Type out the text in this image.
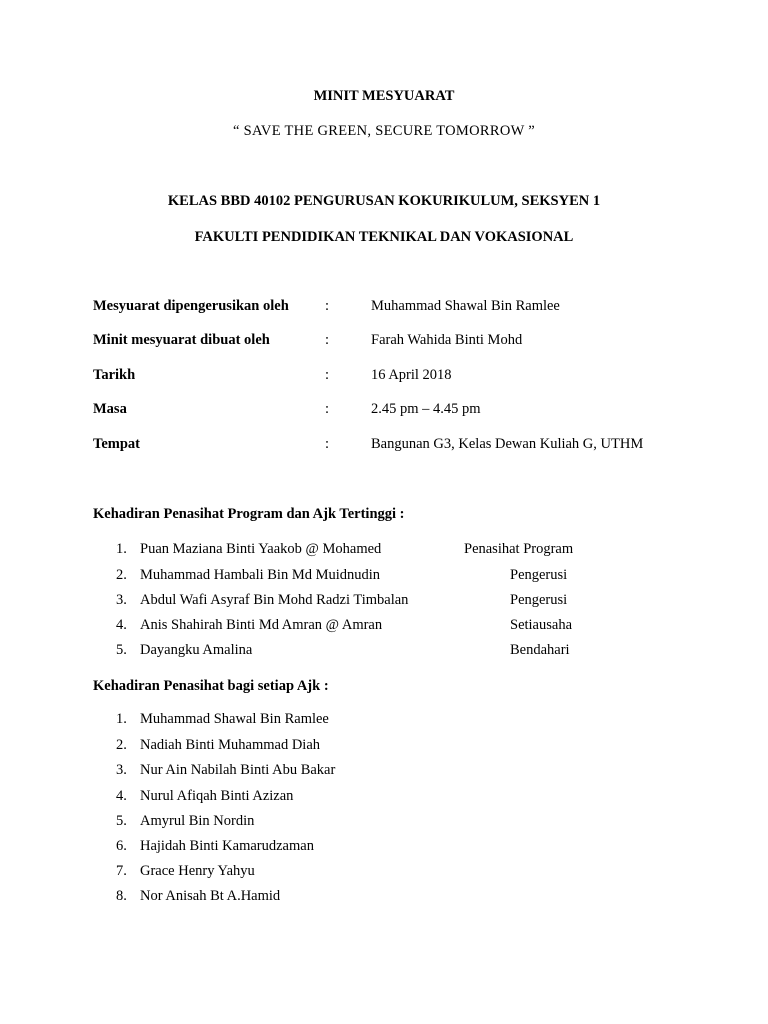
MINIT MESYUARAT
“ SAVE THE GREEN, SECURE TOMORROW ”
KELAS BBD 40102 PENGURUSAN KOKURIKULUM, SEKSYEN 1
FAKULTI PENDIDIKAN TEKNIKAL DAN VOKASIONAL
Mesyuarat dipengerusikan oleh :	Muhammad Shawal Bin Ramlee
Minit mesyuarat dibuat oleh	:	Farah Wahida Binti Mohd
Tarikh	:	16 April 2018
Masa	:	2.45 pm – 4.45 pm
Tempat	:	Bangunan G3, Kelas Dewan Kuliah G, UTHM
Kehadiran Penasihat Program dan Ajk Tertinggi :
1. Puan Maziana Binti Yaakob @ Mohamed	Penasihat Program
2. Muhammad Hambali Bin Md Muidnudin	Pengerusi
3. Abdul Wafi Asyraf Bin Mohd Radzi Timbalan	Pengerusi
4. Anis Shahirah Binti Md Amran @ Amran	Setiausaha
5. Dayangku Amalina	Bendahari
Kehadiran Penasihat bagi setiap Ajk :
1. Muhammad Shawal Bin Ramlee
2. Nadiah Binti Muhammad Diah
3. Nur Ain Nabilah Binti Abu Bakar
4. Nurul Afiqah Binti Azizan
5. Amyrul Bin Nordin
6. Hajidah Binti Kamarudzaman
7. Grace Henry Yahyu
8. Nor Anisah Bt A.Hamid
